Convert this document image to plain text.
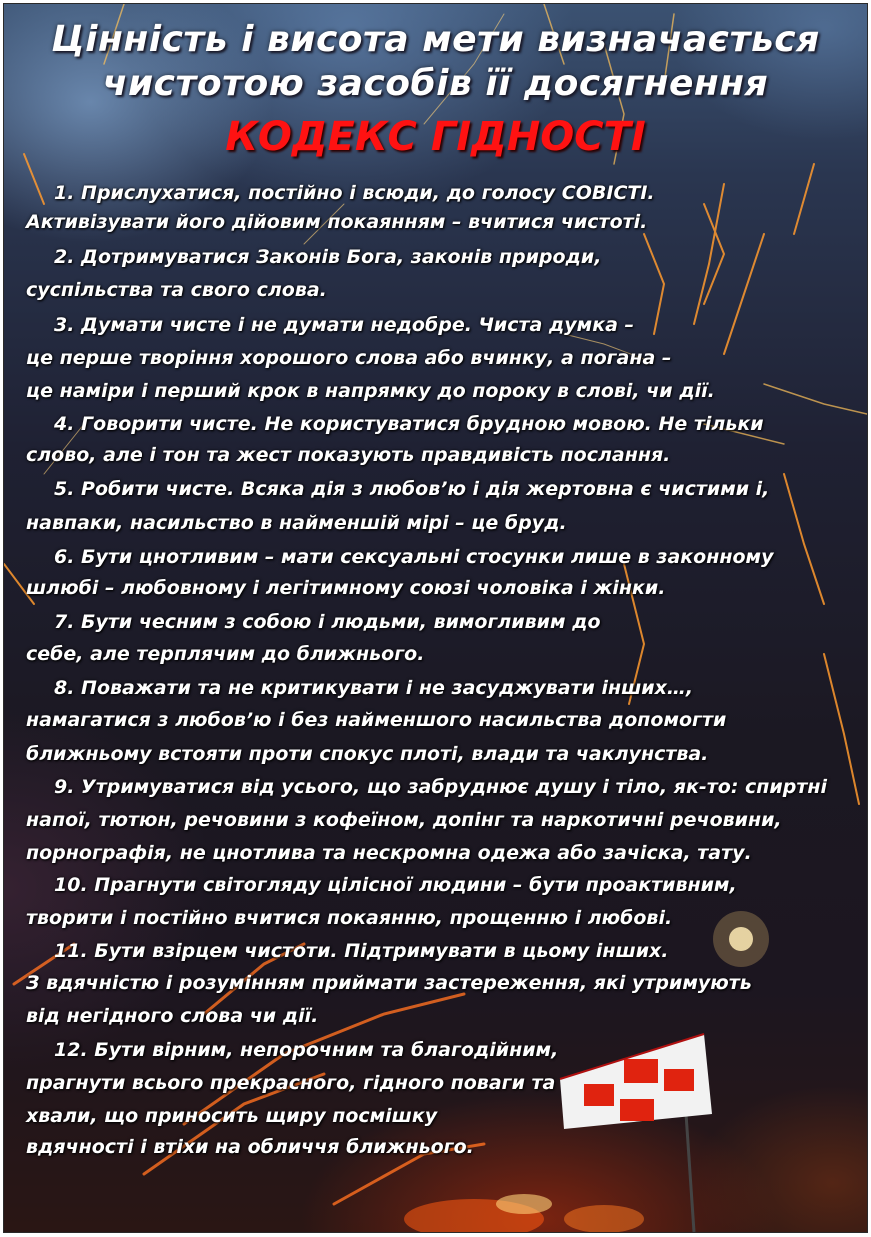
Цінність і висота мети визначається
чистотою засобів її досягнення
КОДЕКС ГІДНОСТІ
1. Прислухатися, постійно і всюди, до голосу СОВІСТІ.
Активізувати його дійовим покаянням – вчитися чистоті.
2. Дотримуватися Законів Бога, законів природи,
суспільства та свого слова.
3. Думати чисте і не думати недобре. Чиста думка –
це перше творіння хорошого слова або вчинку, а погана –
це наміри і перший крок в напрямку до пороку в слові, чи дії.
4. Говорити чисте. Не користуватися брудною мовою. Не тільки
слово, але і тон та жест показують правдивість послання.
5. Робити чисте. Всяка дія з любов’ю і дія жертовна є чистими і,
навпаки, насильство в найменшій мірі – це бруд.
6. Бути цнотливим – мати сексуальні стосунки лише в законному
шлюбі – любовному і легітимному союзі чоловіка і жінки.
7. Бути чесним з собою і людьми, вимогливим до
себе, але терплячим до ближнього.
8. Поважати та не критикувати і не засуджувати інших…,
намагатися з любов’ю і без найменшого насильства допомогти
ближньому встояти проти спокус плоті, влади та чаклунства.
9. Утримуватися від усього, що забруднює душу і тіло, як-то: спиртні
напої, тютюн, речовини з кофеїном, допінг та наркотичні речовини,
порнографія, не цнотлива та нескромна одежа або зачіска, тату.
10. Прагнути світогляду цілісної людини – бути проактивним,
творити і постійно вчитися покаянню, прощенню і любові.
11. Бути взірцем чистоти. Підтримувати в цьому інших.
З вдячністю і розумінням приймати застереження, які утримують
від негідного слова чи дії.
12. Бути вірним, непорочним та благодійним,
прагнути всього прекрасного, гідного поваги та
хвали, що приносить щиру посмішку
вдячності і втіхи на обличчя ближнього.
